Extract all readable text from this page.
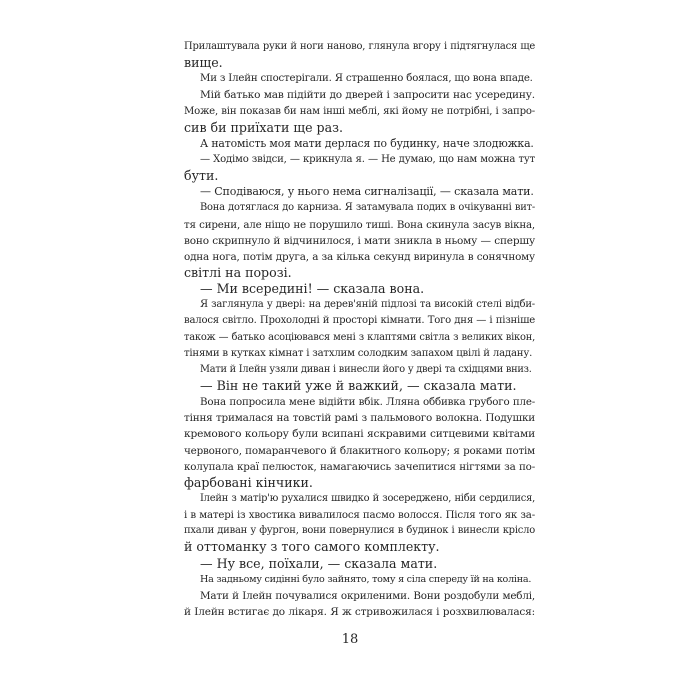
Прилаштувала руки й ноги наново, глянула вгору і підтягнулася ще
вище.
Ми з Ілейн спостерігали. Я страшенно боялася, що вона впаде.
Мій батько мав підійти до дверей і запросити нас усередину.
Може, він показав би нам інші меблі, які йому не потрібні, і запро-
сив би приїхати ще раз.
А натомість моя мати дерлася по будинку, наче злодюжка.
— Ходімо звідси, — крикнула я. — Не думаю, що нам можна тут
бути.
— Сподіваюся, у нього нема сигналізації, — сказала мати.
Вона дотяглася до карниза. Я затамувала подих в очікуванні вит-
тя сирени, але ніщо не порушило тиші. Вона скинула засув вікна,
воно скрипнуло й відчинилося, і мати зникла в ньому — спершу
одна нога, потім друга, а за кілька секунд виринула в сонячному
світлі на порозі.
— Ми всередині! — сказала вона.
Я заглянула у двері: на дерев'яній підлозі та високій стелі відби-
валося світло. Прохолодні й просторі кімнати. Того дня — і пізніше
також — батько асоціювався мені з клаптями світла з великих вікон,
тінями в кутках кімнат і затхлим солодким запахом цвілі й ладану.
Мати й Ілейн узяли диван і винесли його у двері та східцями вниз.
— Він не такий уже й важкий, — сказала мати.
Вона попросила мене відійти вбік. Лляна оббивка грубого пле-
тіння трималася на товстій рамі з пальмового волокна. Подушки
кремового кольору були всипані яскравими ситцевими квітами
червоного, помаранчевого й блакитного кольору; я роками потім
колупала краї пелюсток, намагаючись зачепитися нігтями за по-
фарбовані кінчики.
Ілейн з матір'ю рухалися швидко й зосереджено, ніби сердилися,
і в матері із хвостика вивалилося пасмо волосся. Після того як за-
пхали диван у фургон, вони повернулися в будинок і винесли крісло
й оттоманку з того самого комплекту.
— Ну все, поїхали, — сказала мати.
На задньому сидінні було зайнято, тому я сіла спереду їй на коліна.
Мати й Ілейн почувалися окриленими. Вони роздобули меблі,
й Ілейн встигає до лікаря. Я ж стривожилася і розхвилювалася:
18
